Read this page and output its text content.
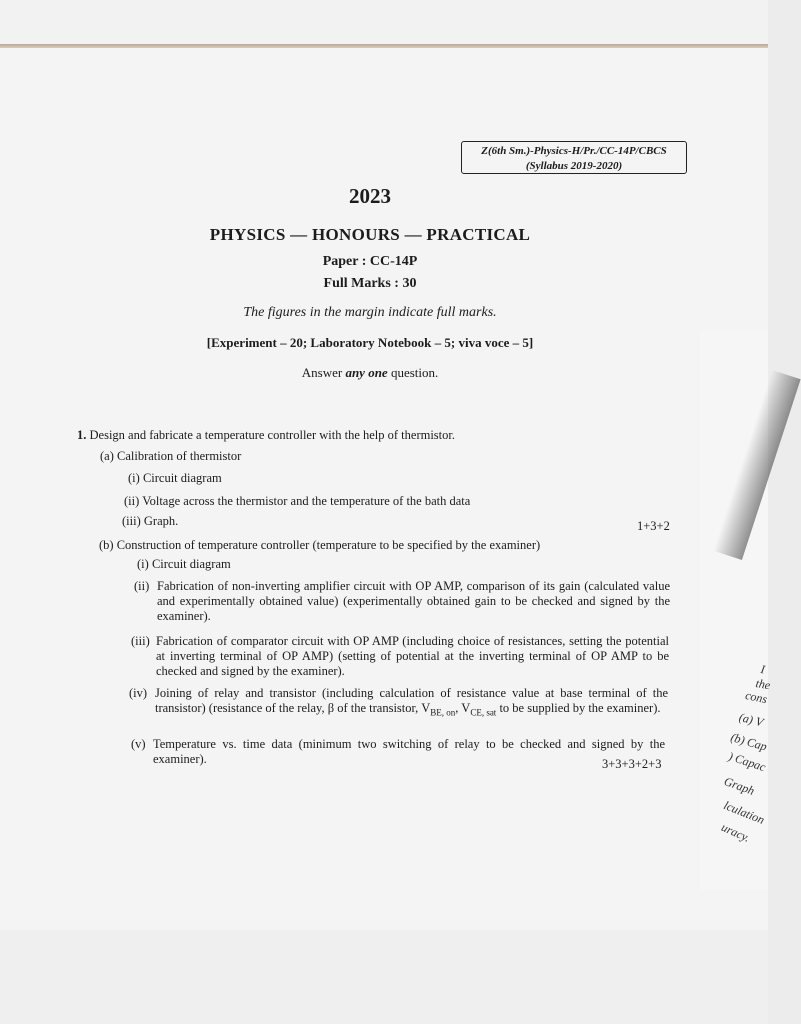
I
the
cons
(a) V
(b) Cap
) Capac
Graph
lculation
uracy.
Z(6th Sm.)-Physics-H/Pr./CC-14P/CBCS
(Syllabus 2019-2020)
2023
PHYSICS — HONOURS — PRACTICAL
Paper : CC-14P
Full Marks : 30
The figures in the margin indicate full marks.
[Experiment – 20; Laboratory Notebook – 5; viva voce – 5]
Answer any one question.
1. Design and fabricate a temperature controller with the help of thermistor.
(a) Calibration of thermistor
(i) Circuit diagram
(ii) Voltage across the thermistor and the temperature of the bath data
(iii) Graph.	1+3+2
(b) Construction of temperature controller (temperature to be specified by the examiner)
(i) Circuit diagram
(ii) Fabrication of non-inverting amplifier circuit with OP AMP, comparison of its gain (calculated value and experimentally obtained value) (experimentally obtained gain to be checked and signed by the examiner).
(iii) Fabrication of comparator circuit with OP AMP (including choice of resistances, setting the potential at inverting terminal of OP AMP) (setting of potential at the inverting terminal of OP AMP to be checked and signed by the examiner).
(iv) Joining of relay and transistor (including calculation of resistance value at base terminal of the transistor) (resistance of the relay, β of the transistor, $V_{BE, on}$, $V_{CE, sat}$ to be supplied by the examiner).
(v) Temperature vs. time data (minimum two switching of relay to be checked and signed by the examiner).	3+3+3+2+3
